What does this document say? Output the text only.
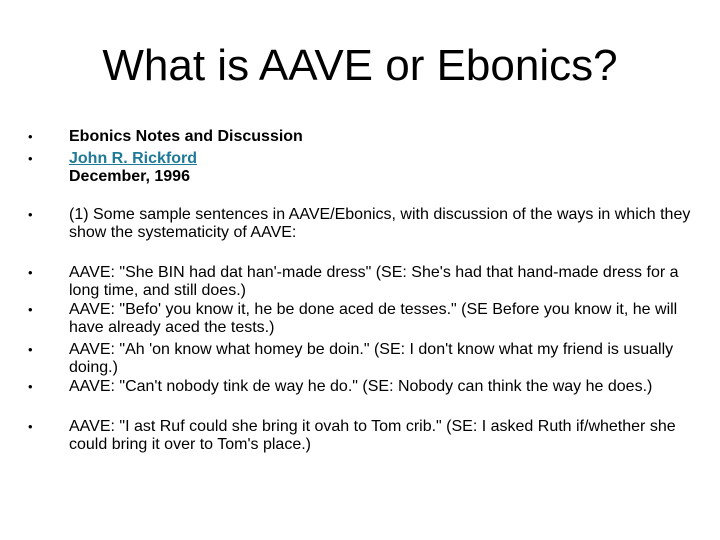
What is AAVE or Ebonics?
•	Ebonics Notes and Discussion
•	John R. Rickford
December, 1996
•	(1) Some sample sentences in AAVE/Ebonics, with discussion of the ways in which they show the systematicity of AAVE:
•	AAVE: "She BIN had dat han'-made dress" (SE: She's had that hand-made dress for a long time, and still does.)
•	AAVE: "Befo' you know it, he be done aced de tesses." (SE Before you know it, he will have already aced the tests.)
•	AAVE: "Ah 'on know what homey be doin." (SE: I don't know what my friend is usually doing.)
•	AAVE: "Can't nobody tink de way he do." (SE: Nobody can think the way he does.)
•	AAVE: "I ast Ruf could she bring it ovah to Tom crib." (SE: I asked Ruth if/whether she could bring it over to Tom's place.)
